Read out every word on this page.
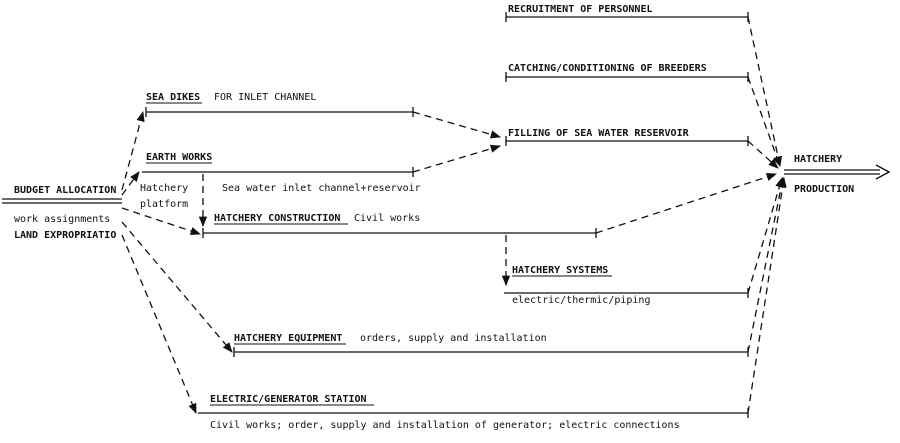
BUDGET ALLOCATION
work assignments
LAND EXPROPRIATIO
RECRUITMENT OF PERSONNEL
CATCHING/CONDITIONING OF BREEDERS
SEA DIKES FOR INLET CHANNEL
FILLING OF SEA WATER RESERVOIR
EARTH WORKS
Hatchery
platform
Sea water inlet channel+reservoir
HATCHERY CONSTRUCTION Civil works
HATCHERY SYSTEMS
electric/thermic/piping
HATCHERY EQUIPMENT orders, supply and installation
ELECTRIC/GENERATOR STATION
Civil works; order, supply and installation of generator; electric connections
HATCHERY
PRODUCTION
